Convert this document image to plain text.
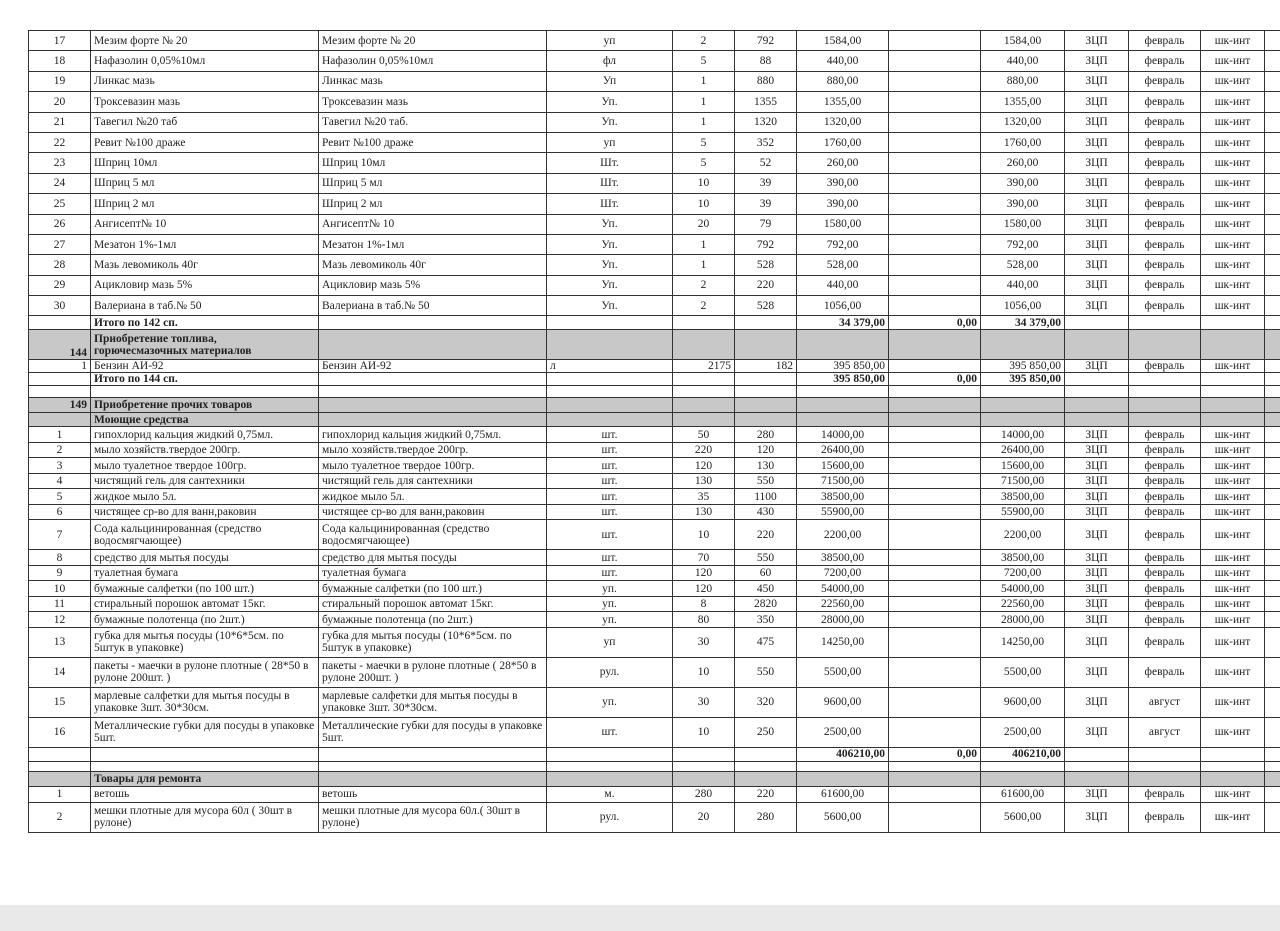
17	Мезим форте № 20	Мезим форте № 20	уп	2	792	1584,00		1584,00	ЗЦП	февраль	шк-инт	
18	Нафазолин 0,05%10мл	Нафазолин 0,05%10мл	фл	5	88	440,00		440,00	ЗЦП	февраль	шк-инт	
19	Линкас мазь	Линкас мазь	Уп	1	880	880,00		880,00	ЗЦП	февраль	шк-инт	
20	Троксевазин мазь	Троксевазин мазь	Уп.	1	1355	1355,00		1355,00	ЗЦП	февраль	шк-инт	
21	Тавегил №20 таб	Тавегил №20 таб.	Уп.	1	1320	1320,00		1320,00	ЗЦП	февраль	шк-инт	
22	Ревит №100 драже	Ревит №100 драже	уп	5	352	1760,00		1760,00	ЗЦП	февраль	шк-инт	
23	Шприц 10мл	Шприц 10мл	Шт.	5	52	260,00		260,00	ЗЦП	февраль	шк-инт	
24	Шприц 5 мл	Шприц 5 мл	Шт.	10	39	390,00		390,00	ЗЦП	февраль	шк-инт	
25	Шприц 2 мл	Шприц 2 мл	Шт.	10	39	390,00		390,00	ЗЦП	февраль	шк-инт	
26	Ангисепт№ 10	Ангисепт№ 10	Уп.	20	79	1580,00		1580,00	ЗЦП	февраль	шк-инт	
27	Мезатон 1%-1мл	Мезатон 1%-1мл	Уп.	1	792	792,00		792,00	ЗЦП	февраль	шк-инт	
28	Мазь левомиколь 40г	Мазь левомиколь 40г	Уп.	1	528	528,00		528,00	ЗЦП	февраль	шк-инт	
29	Ацикловир мазь 5%	Ацикловир мазь 5%	Уп.	2	220	440,00		440,00	ЗЦП	февраль	шк-инт	
30	Валериана в таб.№ 50	Валериана в таб.№ 50	Уп.	2	528	1056,00		1056,00	ЗЦП	февраль	шк-инт	
	Итого по 142 сп.					34 379,00	0,00	34 379,00				
144	Приобретение топлива,
горючесмазочных материалов											

1	Бензин АИ-92	Бензин АИ-92	л	2175	182	395 850,00		395 850,00	ЗЦП	февраль	шк-инт	
	Итого по 144 сп.					395 850,00	0,00	395 850,00				

149	Приобретение прочих товаров											
	Моющие средства											
1	гипохлорид кальция жидкий 0,75мл.	гипохлорид кальция жидкий 0,75мл.	шт.	50	280	14000,00		14000,00	ЗЦП	февраль	шк-инт	
2	мыло хозяйств.твердое 200гр.	мыло хозяйств.твердое 200гр.	шт.	220	120	26400,00		26400,00	ЗЦП	февраль	шк-инт	
3	мыло туалетное твердое 100гр.	мыло туалетное твердое 100гр.	шт.	120	130	15600,00		15600,00	ЗЦП	февраль	шк-инт	
4	чистящий гель для сантехники	чистящий гель для сантехники	шт.	130	550	71500,00		71500,00	ЗЦП	февраль	шк-инт	
5	жидкое мыло 5л.	жидкое мыло 5л.	шт.	35	1100	38500,00		38500,00	ЗЦП	февраль	шк-инт	
6	чистящее ср-во для ванн,раковин	чистящее ср-во для ванн,раковин	шт.	130	430	55900,00		55900,00	ЗЦП	февраль	шк-инт	
7	Сода кальцинированная (средство водосмягчающее)	Сода кальцинированная (средство водосмягчающее)	шт.	10	220	2200,00		2200,00	ЗЦП	февраль	шк-инт	
8	средство для мытья посуды	средство для мытья посуды	шт.	70	550	38500,00		38500,00	ЗЦП	февраль	шк-инт	
9	туалетная бумага	туалетная бумага	шт.	120	60	7200,00		7200,00	ЗЦП	февраль	шк-инт	
10	бумажные салфетки (по 100 шт.)	бумажные салфетки (по 100 шт.)	уп.	120	450	54000,00		54000,00	ЗЦП	февраль	шк-инт	
11	стиральный порошок автомат 15кг.	стиральный порошок автомат 15кг.	уп.	8	2820	22560,00		22560,00	ЗЦП	февраль	шк-инт	
12	бумажные полотенца (по 2шт.)	бумажные полотенца (по 2шт.)	уп.	80	350	28000,00		28000,00	ЗЦП	февраль	шк-инт	
13	губка для мытья посуды (10*6*5см. по 5штук в упаковке)	губка для мытья посуды (10*6*5см. по 5штук в упаковке)	уп	30	475	14250,00		14250,00	ЗЦП	февраль	шк-инт	
14	пакеты - маечки в рулоне плотные ( 28*50 в рулоне 200шт. )	пакеты - маечки в рулоне плотные ( 28*50 в рулоне 200шт. )	рул.	10	550	5500,00		5500,00	ЗЦП	февраль	шк-инт	
15	марлевые салфетки для мытья посуды в упаковке 3шт. 30*30см.	марлевые салфетки для мытья посуды в упаковке 3шт. 30*30см.	уп.	30	320	9600,00		9600,00	ЗЦП	август	шк-инт	
16	Металлические губки для посуды в упаковке 5шт.	Металлические губки для посуды в упаковке 5шт.	шт.	10	250	2500,00		2500,00	ЗЦП	август	шк-инт	
						406210,00	0,00	406210,00				

	Товары для ремонта											
1	ветошь	ветошь	м.	280	220	61600,00		61600,00	ЗЦП	февраль	шк-инт	
2	мешки плотные для мусора 60л ( 30шт в рулоне)	мешки плотные для мусора 60л.( 30шт в рулоне)	рул.	20	280	5600,00		5600,00	ЗЦП	февраль	шк-инт	
